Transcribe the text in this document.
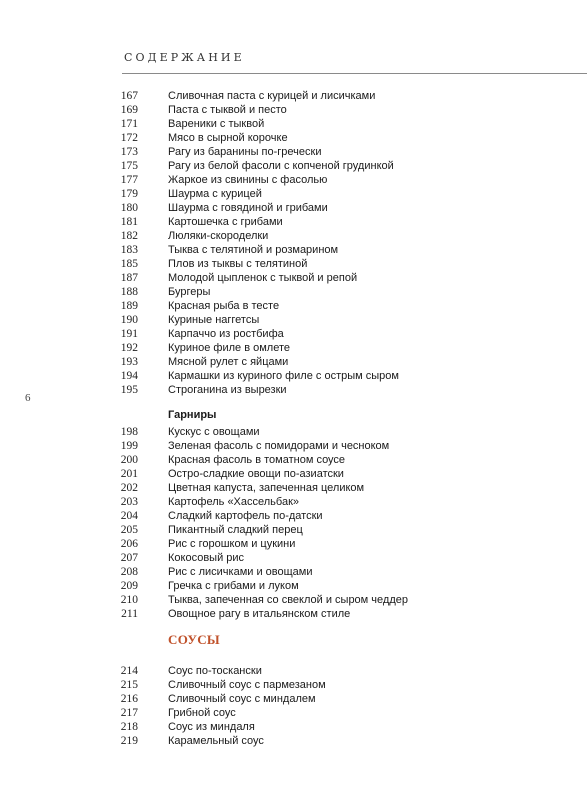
СОДЕРЖАНИЕ
6
167	Сливочная паста с курицей и лисичками
169	Паста с тыквой и песто
171	Вареники с тыквой
172	Мясо в сырной корочке
173	Рагу из баранины по-гречески
175	Рагу из белой фасоли с копченой грудинкой
177	Жаркое из свинины с фасолью
179	Шаурма с курицей
180	Шаурма с говядиной и грибами
181	Картошечка с грибами
182	Люляки-скороделки
183	Тыква с телятиной и розмарином
185	Плов из тыквы с телятиной
187	Молодой цыпленок с тыквой и репой
188	Бургеры
189	Красная рыба в тесте
190	Куриные наггетсы
191	Карпаччо из ростбифа
192	Куриное филе в омлете
193	Мясной рулет с яйцами
194	Кармашки из куриного филе с острым сыром
195	Строганина из вырезки
Гарниры
198	Кускус с овощами
199	Зеленая фасоль с помидорами и чесноком
200	Красная фасоль в томатном соусе
201	Остро-сладкие овощи по-азиатски
202	Цветная капуста, запеченная целиком
203	Картофель «Хассельбак»
204	Сладкий картофель по-датски
205	Пикантный сладкий перец
206	Рис с горошком и цукини
207	Кокосовый рис
208	Рис с лисичками и овощами
209	Гречка с грибами и луком
210	Тыква, запеченная со свеклой и сыром чеддер
211	Овощное рагу в итальянском стиле
СОУСЫ
214	Соус по-тоскански
215	Сливочный соус с пармезаном
216	Сливочный соус с миндалем
217	Грибной соус
218	Соус из миндаля
219	Карамельный соус
